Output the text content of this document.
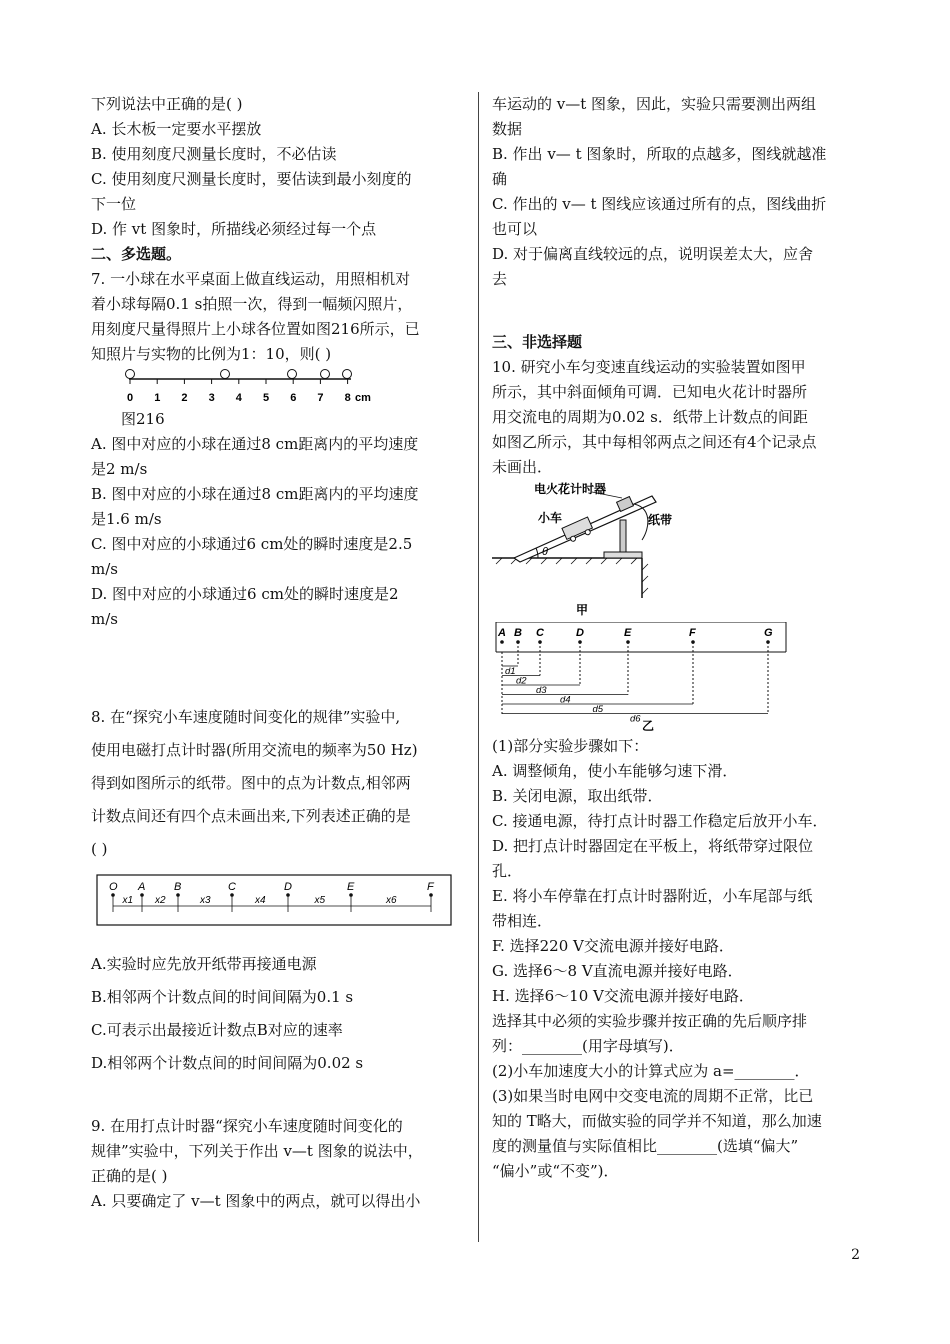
下列说法中正确的是( )
A. 长木板一定要水平摆放
B. 使用刻度尺测量长度时，不必估读
C. 使用刻度尺测量长度时，要估读到最小刻度的
下一位
D. 作 vt 图象时，所描线必须经过每一个点
二、多选题。
7. 一小球在水平桌面上做直线运动，用照相机对
着小球每隔0.1 s拍照一次，得到一幅频闪照片，
用刻度尺量得照片上小球各位置如图216所示，已
知照片与实物的比例为1：10，则( )
0 1 2 3 4 5 6 7 8 cm
图216
A. 图中对应的小球在通过8 cm距离内的平均速度
是2 m/s
B. 图中对应的小球在通过8 cm距离内的平均速度
是1.6 m/s
C. 图中对应的小球通过6 cm处的瞬时速度是2.5
m/s
D. 图中对应的小球通过6 cm处的瞬时速度是2
m/s
8. 在“探究小车速度随时间变化的规律”实验中,
使用电磁打点计时器(所用交流电的频率为50 Hz)
得到如图所示的纸带。图中的点为计数点,相邻两
计数点间还有四个点未画出来,下列表述正确的是
( )
O A	B	C	D	E	F
x1 x2	x3	x4	x5	x6
A.实验时应先放开纸带再接通电源
B.相邻两个计数点间的时间间隔为0.1 s
C.可表示出最接近计数点B对应的速率
D.相邻两个计数点间的时间间隔为0.02 s
9. 在用打点计时器“探究小车速度随时间变化的
规律”实验中，下列关于作出 v—t 图象的说法中，
正确的是( )
A. 只要确定了 v—t 图象中的两点，就可以得出小
车运动的 v—t 图象，因此，实验只需要测出两组
数据
B. 作出 v— t 图象时，所取的点越多，图线就越准
确
C. 作出的 v— t 图线应该通过所有的点，图线曲折
也可以
D. 对于偏离直线较远的点，说明误差太大，应舍
去
三、非选择题
10. 研究小车匀变速直线运动的实验装置如图甲
所示，其中斜面倾角可调．已知电火花计时器所
用交流电的周期为0.02 s．纸带上计数点的间距
如图乙所示，其中每相邻两点之间还有4个记录点
未画出．
θ
电火花计时器
小车	纸带
甲
A B C	D	E	F	G
d1
d2
d3
d4
d5
d6 乙
(1)部分实验步骤如下：
A. 调整倾角，使小车能够匀速下滑．
B. 关闭电源，取出纸带．
C. 接通电源，待打点计时器工作稳定后放开小车．
D. 把打点计时器固定在平板上，将纸带穿过限位
孔．
E. 将小车停靠在打点计时器附近，小车尾部与纸
带相连．
F. 选择220 V交流电源并接好电路．
G. 选择6～8 V直流电源并接好电路．
H. 选择6～10 V交流电源并接好电路．
选择其中必须的实验步骤并按正确的先后顺序排
列：________(用字母填写)．
(2)小车加速度大小的计算式应为 a=________．
(3)如果当时电网中交变电流的周期不正常，比已
知的 T略大，而做实验的同学并不知道，那么加速
度的测量值与实际值相比________(选填“偏大”
“偏小”或“不变”)．
2
